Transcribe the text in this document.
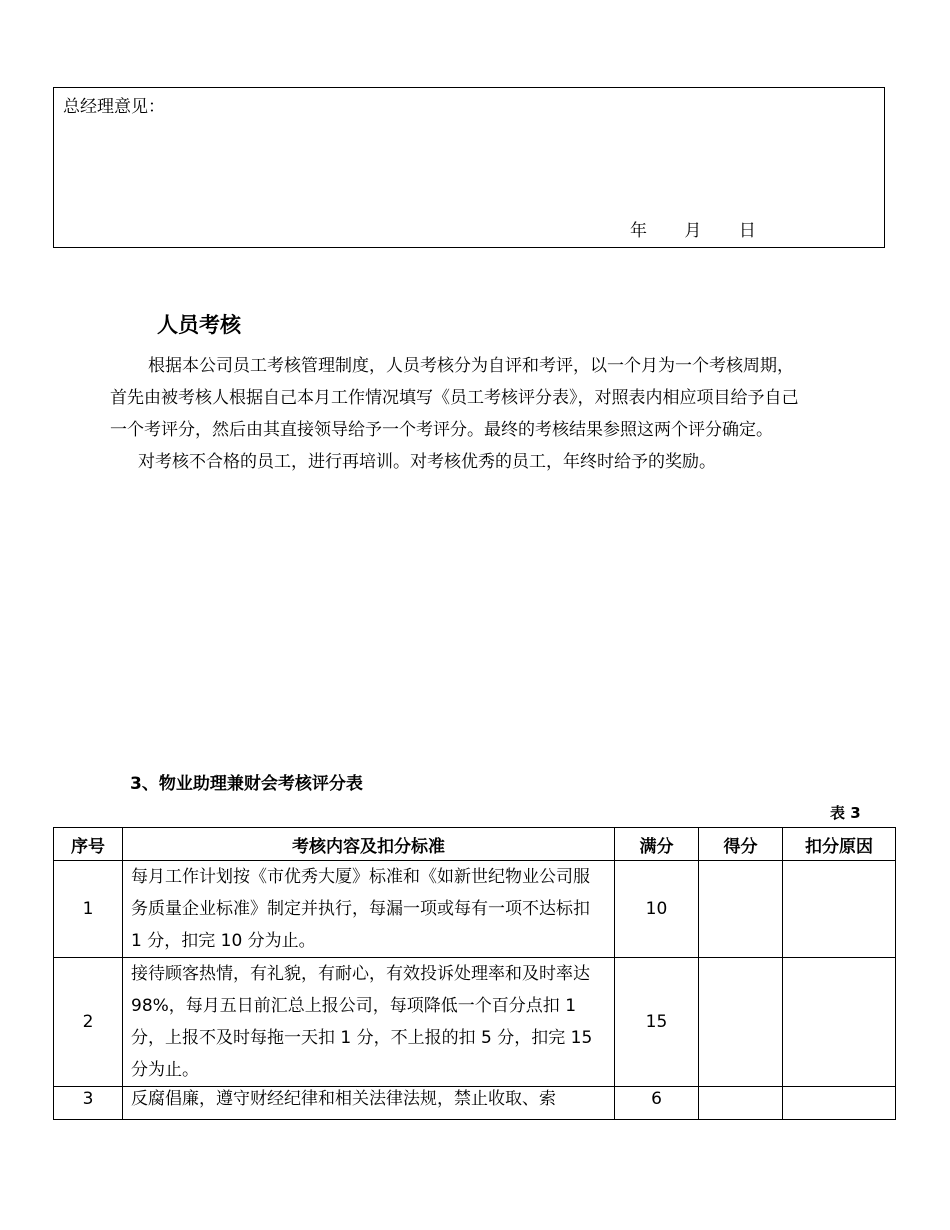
总经理意见：
年 月 日
人员考核
根据本公司员工考核管理制度，人员考核分为自评和考评，以一个月为一个考核周期，
首先由被考核人根据自己本月工作情况填写《员工考核评分表》，对照表内相应项目给予自己
一个考评分，然后由其直接领导给予一个考评分。最终的考核结果参照这两个评分确定。
对考核不合格的员工，进行再培训。对考核优秀的员工，年终时给予的奖励。
3、物业助理兼财会考核评分表
表 3
序号	考核内容及扣分标准	满分	得分	扣分原因
1	每月工作计划按《市优秀大厦》标准和《如新世纪物业公司服务质量企业标准》制定并执行，每漏一项或每有一项不达标扣 1 分，扣完 10 分为止。	10		
2	接待顾客热情，有礼貌，有耐心，有效投诉处理率和及时率达 98%，每月五日前汇总上报公司，每项降低一个百分点扣 1 分，上报不及时每拖一天扣 1 分，不上报的扣 5 分，扣完 15 分为止。	15		
3	反腐倡廉，遵守财经纪律和相关法律法规，禁止收取、索	6		
